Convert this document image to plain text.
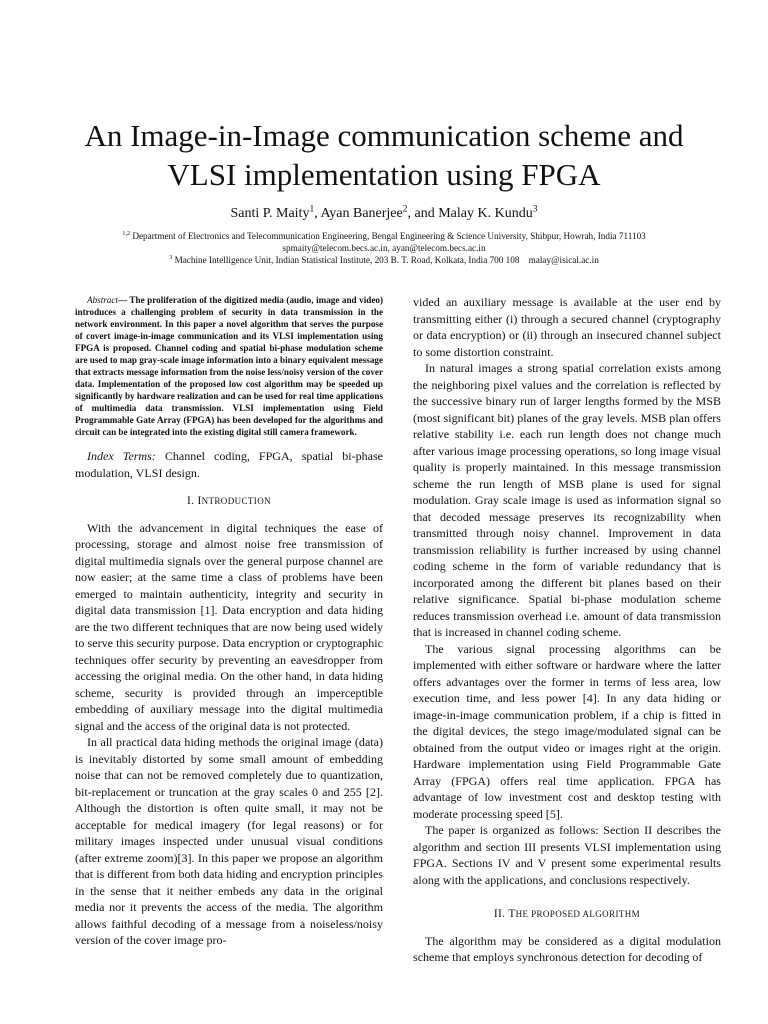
An Image-in-Image communication scheme and
VLSI implementation using FPGA
Santi P. Maity$^1$, Ayan Banerjee$^2$, and Malay K. Kundu$^3$
$^{1,2}$ Department of Electronics and Telecommunication Engineering, Bengal Engineering & Science University, Shibpur, Howrah, India 711103
spmaity@telecom.becs.ac.in, ayan@telecom.becs.ac.in
$^3$ Machine Intelligence Unit, Indian Statistical Institute, 203 B. T. Road, Kolkata, India 700 108    malay@isical.ac.in

Abstract— The proliferation of the digitized media (audio, image and video) introduces a challenging problem of security in data transmission in the network environment. In this paper a novel algorithm that serves the purpose of covert image-in-image communication and its VLSI implementation using FPGA is proposed. Channel coding and spatial bi-phase modulation scheme are used to map gray-scale image information into a binary equivalent message that extracts message information from the noise less/noisy version of the cover data. Implementation of the proposed low cost algorithm may be speeded up significantly by hardware realization and can be used for real time applications of multimedia data transmission. VLSI implementation using Field Programmable Gate Array (FPGA) has been developed for the algorithms and circuit can be integrated into the existing digital still camera framework.

Index Terms: Channel coding, FPGA, spatial bi-phase modulation, VLSI design.

I. INTRODUCTION

With the advancement in digital techniques the ease of processing, storage and almost noise free transmission of digital multimedia signals over the general purpose channel are now easier; at the same time a class of problems have been emerged to maintain authenticity, integrity and security in digital data transmission [1]. Data encryption and data hiding are the two different techniques that are now being used widely to serve this security purpose. Data encryption or cryptographic techniques offer security by preventing an eavesdropper from accessing the original media. On the other hand, in data hiding scheme, security is provided through an imperceptible embedding of auxiliary message into the digital multimedia signal and the access of the original data is not protected.

In all practical data hiding methods the original image (data) is inevitably distorted by some small amount of embedding noise that can not be removed completely due to quantization, bit-replacement or truncation at the gray scales 0 and 255 [2]. Although the distortion is often quite small, it may not be acceptable for medical imagery (for legal reasons) or for military images inspected under unusual visual conditions (after extreme zoom)[3]. In this paper we propose an algorithm that is different from both data hiding and encryption principles in the sense that it neither embeds any data in the original media nor it prevents the access of the media. The algorithm allows faithful decoding of a message from a noiseless/noisy version of the cover image pro-

vided an auxiliary message is available at the user end by transmitting either (i) through a secured channel (cryptography or data encryption) or (ii) through an insecured channel subject to some distortion constraint.

In natural images a strong spatial correlation exists among the neighboring pixel values and the correlation is reflected by the successive binary run of larger lengths formed by the MSB (most significant bit) planes of the gray levels. MSB plan offers relative stability i.e. each run length does not change much after various image processing operations, so long image visual quality is properly maintained. In this message transmission scheme the run length of MSB plane is used for signal modulation. Gray scale image is used as information signal so that decoded message preserves its recognizability when transmitted through noisy channel. Improvement in data transmission reliability is further increased by using channel coding scheme in the form of variable redundancy that is incorporated among the different bit planes based on their relative significance. Spatial bi-phase modulation scheme reduces transmission overhead i.e. amount of data transmission that is increased in channel coding scheme.

The various signal processing algorithms can be implemented with either software or hardware where the latter offers advantages over the former in terms of less area, low execution time, and less power [4]. In any data hiding or image-in-image communication problem, if a chip is fitted in the digital devices, the stego image/modulated signal can be obtained from the output video or images right at the origin. Hardware implementation using Field Programmable Gate Array (FPGA) offers real time application. FPGA has advantage of low investment cost and desktop testing with moderate processing speed [5].

The paper is organized as follows: Section II describes the algorithm and section III presents VLSI implementation using FPGA. Sections IV and V present some experimental results along with the applications, and conclusions respectively.

II. THE PROPOSED ALGORITHM

The algorithm may be considered as a digital modulation scheme that employs synchronous detection for decoding of
